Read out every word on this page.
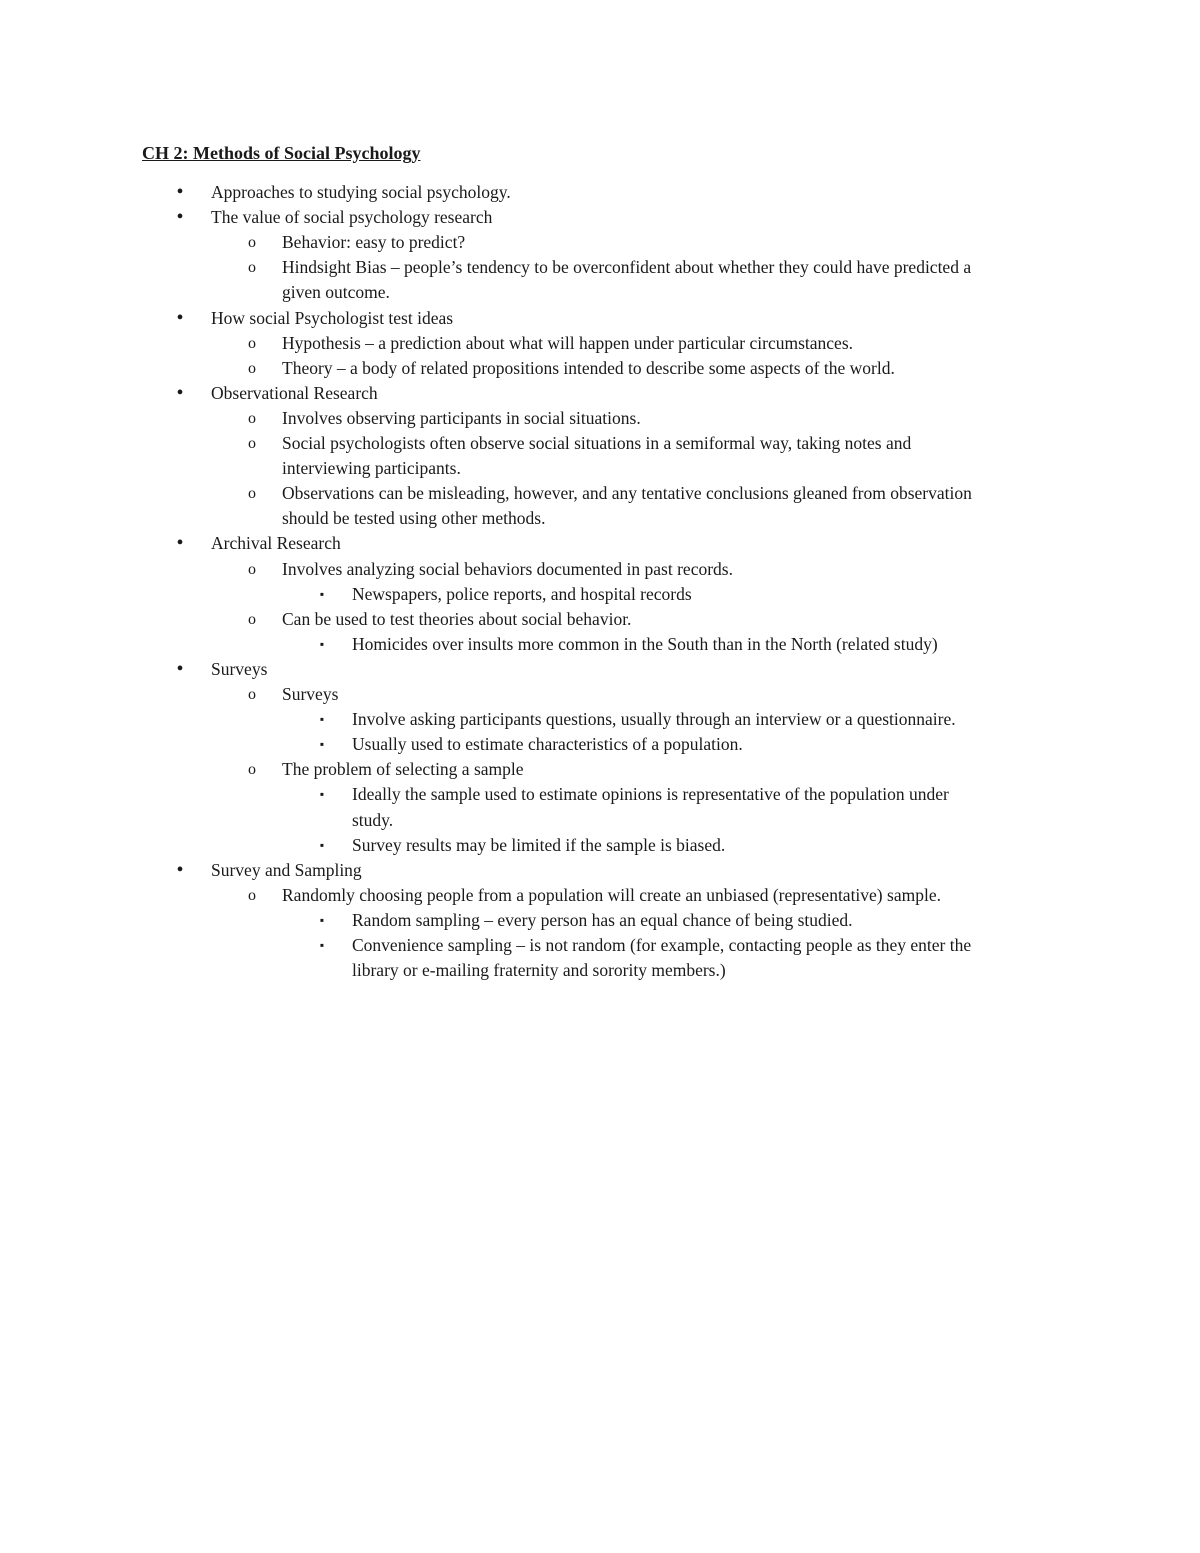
CH 2: Methods of Social Psychology
• Approaches to studying social psychology.
• The value of social psychology research
o Behavior: easy to predict?
o Hindsight Bias – people’s tendency to be overconfident about whether they could have predicted a
given outcome.
• How social Psychologist test ideas
o Hypothesis – a prediction about what will happen under particular circumstances.
o Theory – a body of related propositions intended to describe some aspects of the world.
• Observational Research
o Involves observing participants in social situations.
o Social psychologists often observe social situations in a semiformal way, taking notes and
interviewing participants.
o Observations can be misleading, however, and any tentative conclusions gleaned from observation
should be tested using other methods.
• Archival Research
o Involves analyzing social behaviors documented in past records.
▪ Newspapers, police reports, and hospital records
o Can be used to test theories about social behavior.
▪ Homicides over insults more common in the South than in the North (related study)
• Surveys
o Surveys
▪ Involve asking participants questions, usually through an interview or a questionnaire.
▪ Usually used to estimate characteristics of a population.
o The problem of selecting a sample
▪ Ideally the sample used to estimate opinions is representative of the population under
study.
▪ Survey results may be limited if the sample is biased.
• Survey and Sampling
o Randomly choosing people from a population will create an unbiased (representative) sample.
▪ Random sampling – every person has an equal chance of being studied.
▪ Convenience sampling – is not random (for example, contacting people as they enter the
library or e-mailing fraternity and sorority members.)
